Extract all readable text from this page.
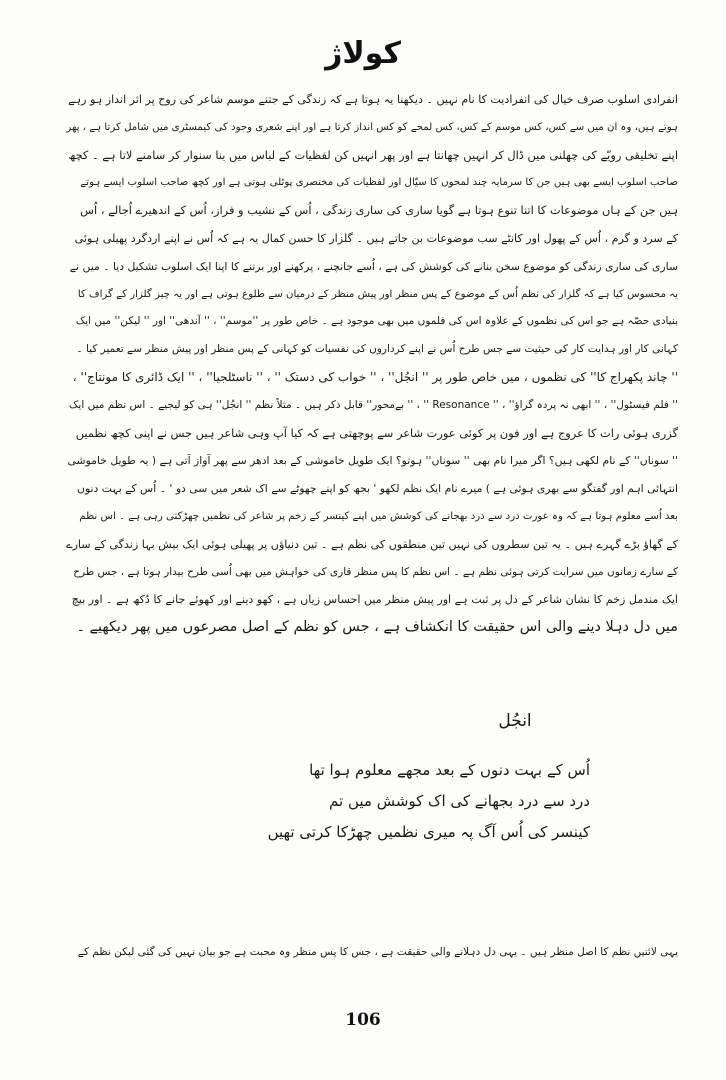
کولاژ
انفرادی اسلوب صرف خیال کی انفرادیت کا نام نہیں ۔ دیکھنا یہ ہوتا ہے کہ زندگی کے جتنے موسم شاعر کی روح پر اثر انداز ہو رہے
ہوتے ہیں، وہ ان میں سے کس، کس موسم کے کس، کس لمحے کو کس انداز کرتا ہے اور اپنے شعری وجود کی کیمسٹری میں شامل کرتا ہے ، پھر
اپنے تخلیقی رویّے کی چھلنی میں ڈال کر انہیں چھانتا ہے اور پھر انہیں کن لفظیات کے لباس میں بنا سنوار کر سامنے لاتا ہے ۔ کچھ
صاحب اسلوب ایسے بھی ہیں جن کا سرمایہ چند لمحوں کا سیّال اور لفظیات کی مختصری پوٹلی ہوتی ہے اور کچھ صاحب اسلوب ایسے ہوتے
ہیں جن کے ہاں موضوعات کا اتنا تنوع ہوتا ہے گویا ساری کی ساری زندگی ، اُس کے نشیب و فراز، اُس کے اندھیرے اُجالے ، اُس
کے سرد و گرم ، اُس کے پھول اور کانٹے سب موضوعات بن جاتے ہیں ۔ گلزار کا حسن کمال یہ ہے کہ اُس نے اپنے اردگرد پھیلی ہوئی
ساری کی ساری زندگی کو موضوع سخن بنانے کی کوشش کی ہے ، اُسے جانچنے ، پرکھنے اور برتنے کا اپنا ایک اسلوب تشکیل دیا ۔ میں نے
یہ محسوس کیا ہے کہ گلزار کی نظم اُس کے موضوع کے پس منظر اور پیش منظر کے درمیان سے طلوع ہوتی ہے اور یہ چیز گلزار کے گراف کا
بنیادی حصّہ ہے جو اس کی نظموں کے علاوہ اس کی فلموں میں بھی موجود ہے ۔ خاص طور پر ''موسم'' ، '' آندھی'' اور '' لیکن'' میں ایک
کہانی کار اور ہدایت کار کی حیثیت سے جس طرح اُس نے اپنے کرداروں کی نفسیات کو کہانی کے پس منظر اور پیش منظر سے تعمیر کیا ۔
'' چاند پکھراج کا'' کی نظموں ، میں خاص طور پر '' انجُل'' ، '' خواب کی دستک '' ، '' ناسٹلجیا'' ، '' ایک ڈائری کا مونتاج'' ،
'' فلم فیسٹول'' ، '' ابھی نہ پردہ گراؤ'' ، '' Resonance '' ، '' بےمحور'' قابل ذکر ہیں ۔ مثلاً نظم '' انجُل'' ہی کو لیجیے ۔ اس نظم میں ایک
گزری ہوئی رات کا عروج ہے اور فون پر کوئی عورت شاعر سے پوچھتی ہے کہ کیا آپ وہی شاعر ہیں جس نے اپنی کچھ نظمیں
'' سوناں'' کے نام لکھی ہیں؟ اگر میرا نام بھی '' سوناں'' ہوتو؟ ایک طویل خاموشی کے بعد ادھر سے پھر آواز آتی ہے ( یہ طویل خاموشی
انتہائی اہم اور گفتگو سے بھری ہوئی ہے ) میرے نام ایک نظم لکھو ' بجھ کو اپنے چھوٹے سے اک شعر میں سی دو ' ۔ اُس کے بہت دنوں
بعد اُسے معلوم ہوتا ہے کہ وہ عورت درد سے درد بھجانے کی کوشش میں اپنے کینسر کے زخم پر شاعر کی نظمیں چھڑکتی رہی ہے ۔ اس نظم
کے گھاؤ بڑے گہرے ہیں ۔ یہ تین سطروں کی نہیں تین منطقوں کی نظم ہے ۔ تین دنیاؤں پر پھیلی ہوئی ایک بیش بہا زندگی کے سارے
کے سارے زمانوں میں سرایت کرتی ہوئی نظم ہے ۔ اس نظم کا پس منظر قاری کی خواہش میں بھی اُسی طرح بیدار ہوتا ہے ، جس طرح
ایک مندمل زخم کا نشان شاعر کے دل پر ثبت ہے اور پیش منظر میں احساس زیاں ہے ، کھو دینے اور کھوئے جانے کا دُکھ ہے ۔ اور بیچ
میں دل دہلا دینے والی اس حقیقت کا انکشاف ہے ، جس کو نظم کے اصل مصرعوں میں پھر دیکھیے ۔
انجُل
اُس کے بہت دنوں کے بعد مجھے معلوم ہوا تھا
درد سے درد بجھانے کی اک کوشش میں تم
کینسر کی اُس آگ پہ میری نظمیں چھڑکا کرتی تھیں
یہی لائنیں نظم کا اصل منظر ہیں ۔ یہی دل دہلانے والی حقیقت ہے ، جس کا پس منظر وہ محبت ہے جو بیان نہیں کی گئی لیکن نظم کے
106
